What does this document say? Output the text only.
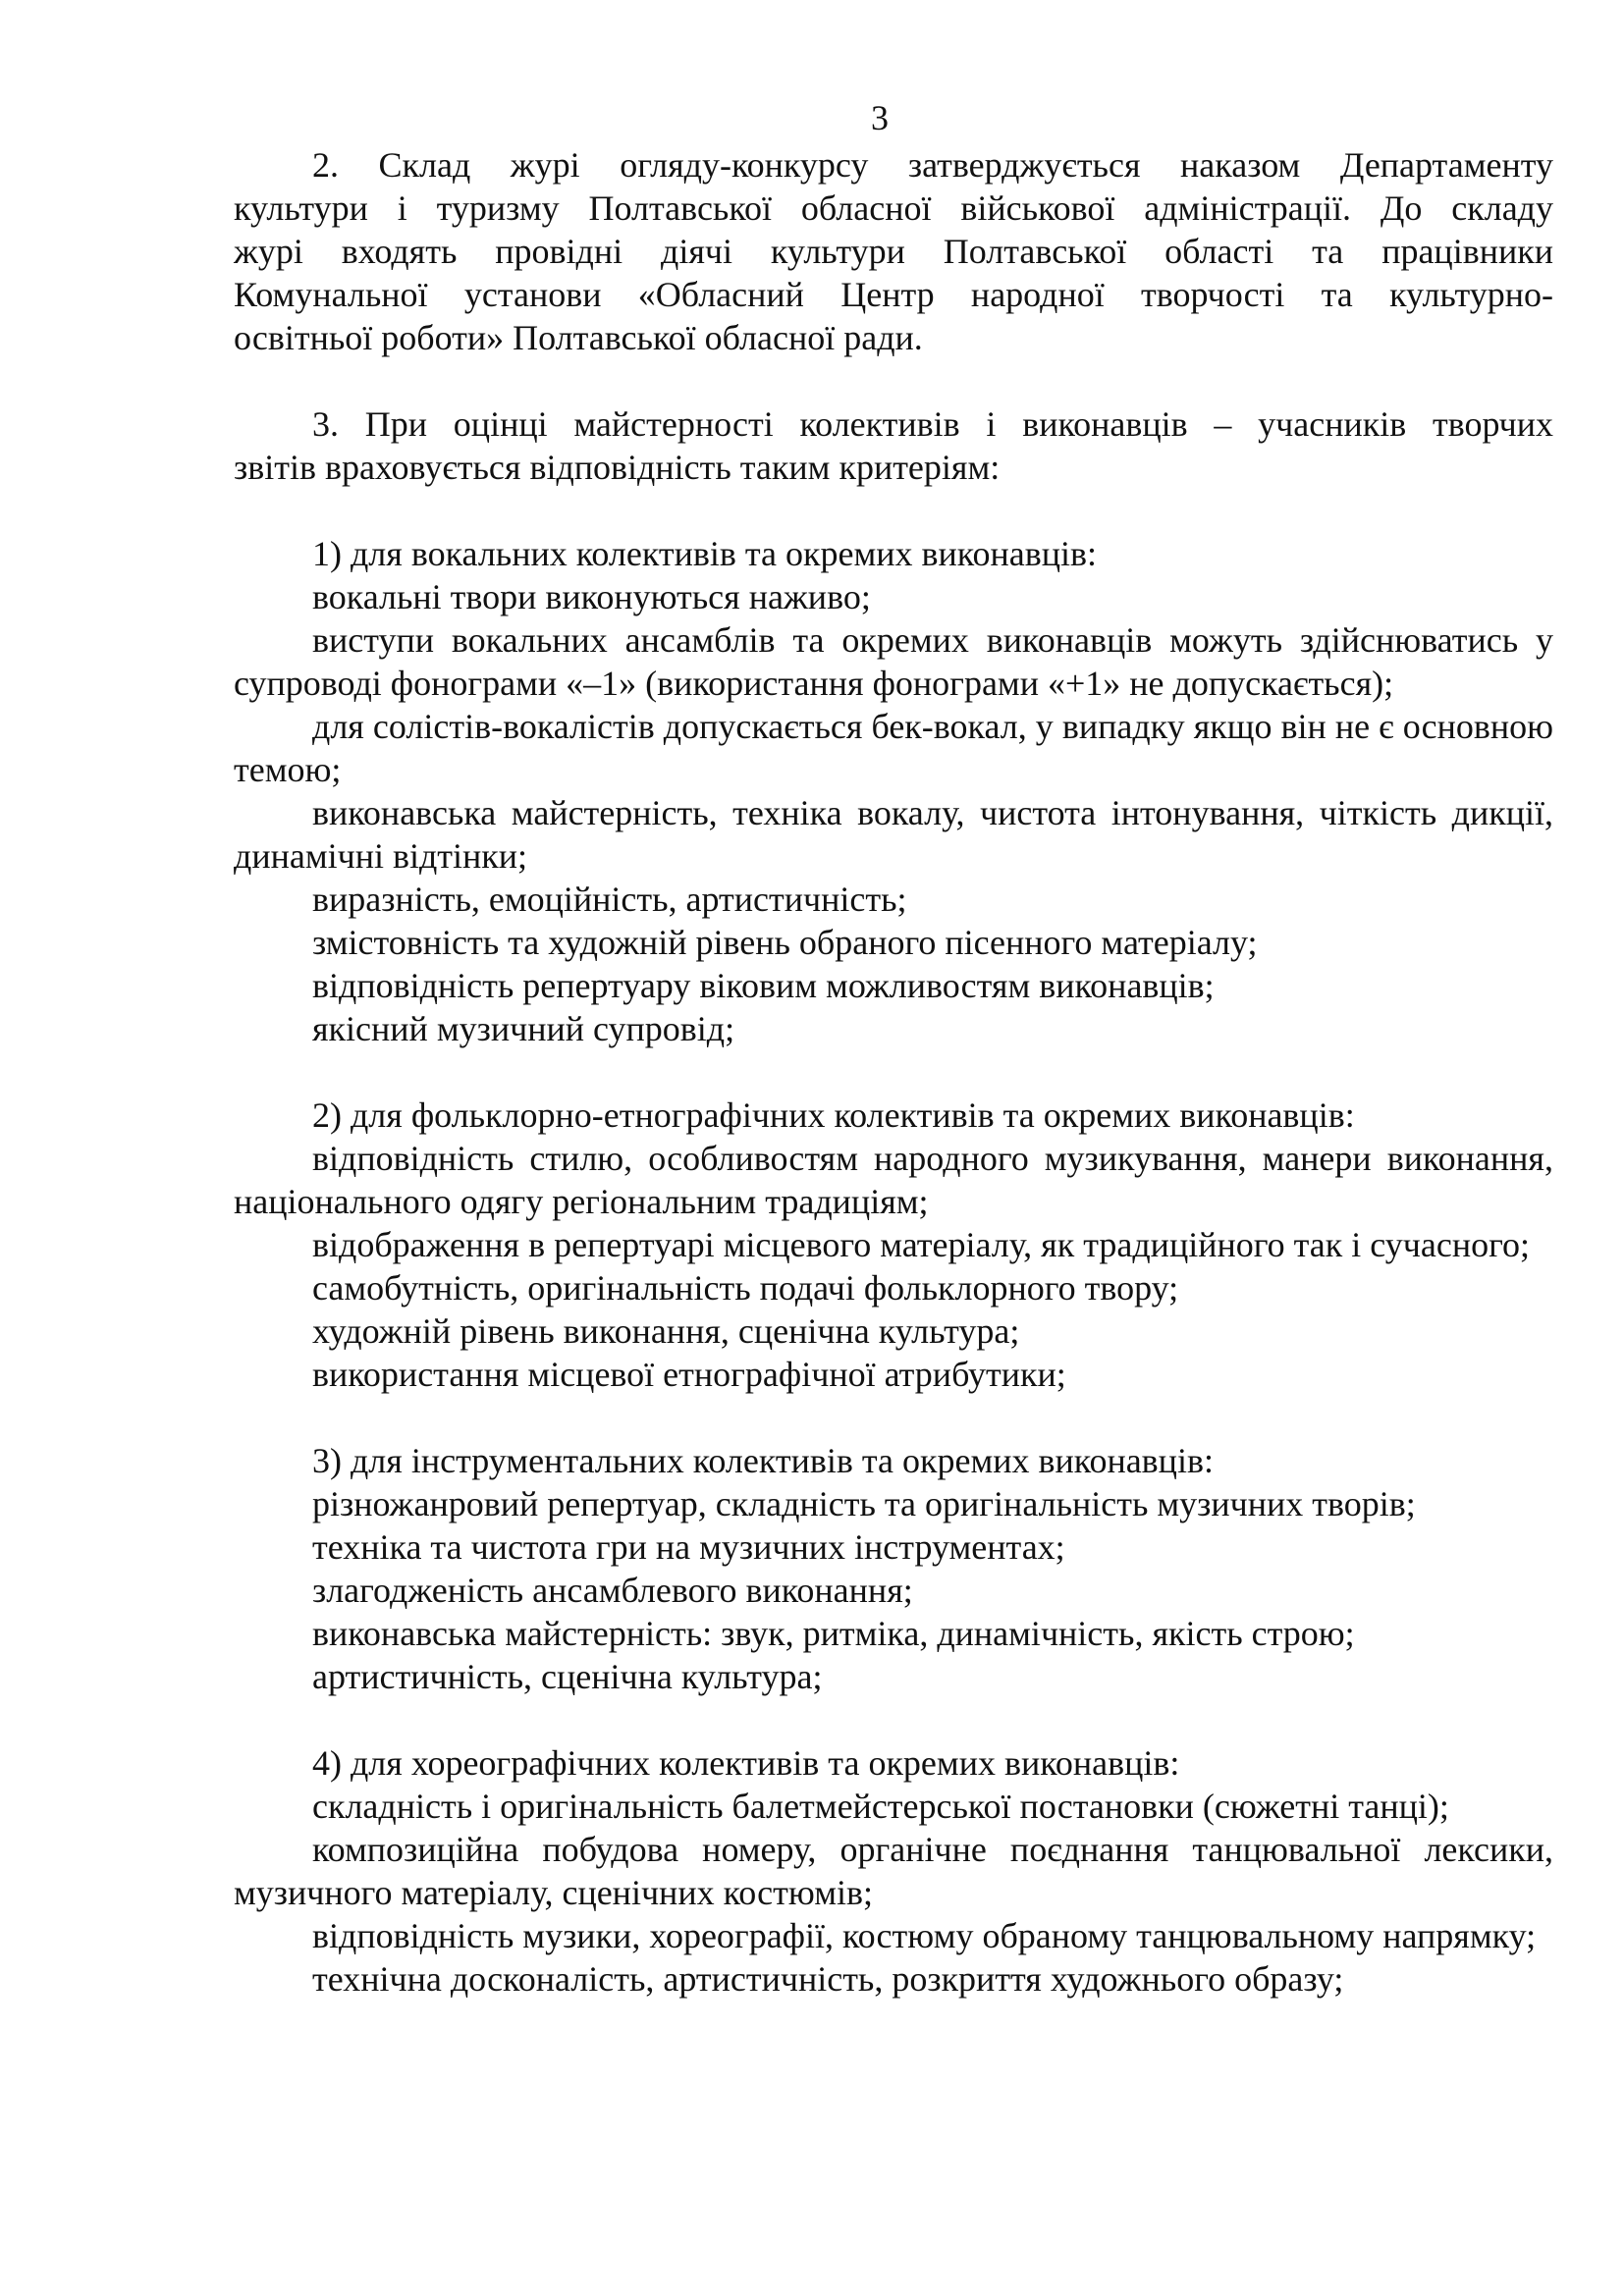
3

2. Склад журі огляду-конкурсу затверджується наказом Департаменту

культури і туризму Полтавської обласної військової адміністрації. До складу

журі входять провідні діячі культури Полтавської області та працівники

Комунальної установи «Обласний Центр народної творчості та культурно-

освітньої роботи» Полтавської обласної ради.

3. При оцінці майстерності колективів і виконавців – учасників творчих

звітів враховується відповідність таким критеріям:

1) для вокальних колективів та окремих виконавців:

вокальні твори виконуються наживо;

виступи вокальних ансамблів та окремих виконавців можуть здійснюватись у супроводі фонограми «–1» (використання фонограми «+1» не допускається);

для солістів-вокалістів допускається бек-вокал, у випадку якщо він не є основною темою;

виконавська майстерність, техніка вокалу, чистота інтонування, чіткість дикції, динамічні відтінки;

виразність, емоційність, артистичність;

змістовність та художній рівень обраного пісенного матеріалу;

відповідність репертуару віковим можливостям виконавців;

якісний музичний супровід;

2) для фольклорно-етнографічних колективів та окремих виконавців:

відповідність стилю, особливостям народного музикування, манери виконання, національного одягу регіональним традиціям;

відображення в репертуарі місцевого матеріалу, як традиційного так і сучасного;

самобутність, оригінальність подачі фольклорного твору;

художній рівень виконання, сценічна культура;

використання місцевої етнографічної атрибутики;

3) для інструментальних колективів та окремих виконавців:

різножанровий репертуар, складність та оригінальність музичних творів;

техніка та чистота гри на музичних інструментах;

злагодженість ансамблевого виконання;

виконавська майстерність: звук, ритміка, динамічність, якість строю;

артистичність, сценічна культура;

4) для хореографічних колективів та окремих виконавців:

складність і оригінальність балетмейстерської постановки (сюжетні танці);

композиційна побудова номеру, органічне поєднання танцювальної лексики, музичного матеріалу, сценічних костюмів;

відповідність музики, хореографії, костюму обраному танцювальному напрямку;

технічна досконалість, артистичність, розкриття художнього образу;
